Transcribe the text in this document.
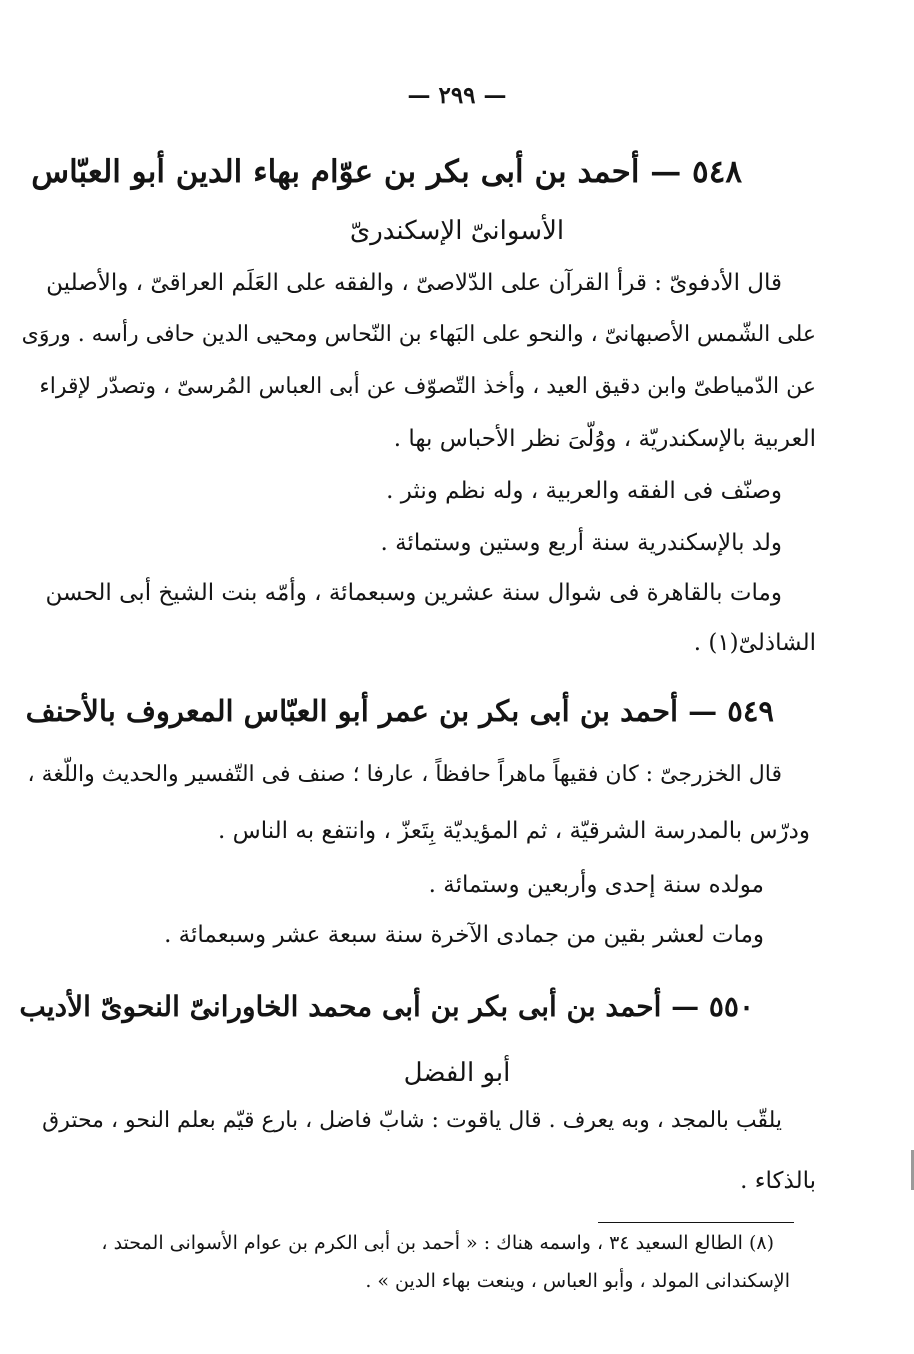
— ٢٩٩ —
٥٤٨ — أحمد بن أبى بكر بن عوّام بهاء الدين أبو العبّاس
الأسوانىّ الإسكندرىّ
قال الأدفوىّ : قرأ القرآن على الدّلاصىّ ، والفقه على العَلَم العراقىّ ، والأصلين
على الشّمس الأصبهانىّ ، والنحو على البَهاء بن النّحاس ومحيى الدين حافى رأسه . وروَى
عن الدّمياطىّ وابن دقيق العيد ، وأخذ التّصوّف عن أبى العباس المُرسىّ ، وتصدّر لإقراء
العربية بالإسكندريّة ، ووُلّىَ نظر الأحباس بها .
وصنّف فى الفقه والعربية ، وله نظم ونثر .
ولد بالإسكندرية سنة أربع وستين وستمائة .
ومات بالقاهرة فى شوال سنة عشرين وسبعمائة ، وأمّه بنت الشيخ أبى الحسن
الشاذلىّ(١) .
٥٤٩ — أحمد بن أبى بكر بن عمر أبو العبّاس المعروف بالأحنف
قال الخزرجىّ : كان فقيهاً ماهراً حافظاً ، عارفا ؛ صنف فى التّفسير والحديث واللّغة ،
ودرّس بالمدرسة الشرقيّة ، ثم المؤيديّة بِتَعزّ ، وانتفع به الناس .
مولده سنة إحدى وأربعين وستمائة .
ومات لعشر بقين من جمادى الآخرة سنة سبعة عشر وسبعمائة .
٥٥٠ — أحمد بن أبى بكر بن أبى محمد الخاورانىّ النحوىّ الأديب
أبو الفضل
يلقّب بالمجد ، وبه يعرف . قال ياقوت : شابّ فاضل ، بارع قيّم بعلم النحو ، محترق
بالذكاء .
(٨) الطالع السعيد ٣٤ ، واسمه هناك : « أحمد بن أبى الكرم بن عوام الأسوانى المحتد ،
الإسكندانى المولد ، وأبو العباس ، وينعت بهاء الدين » .
